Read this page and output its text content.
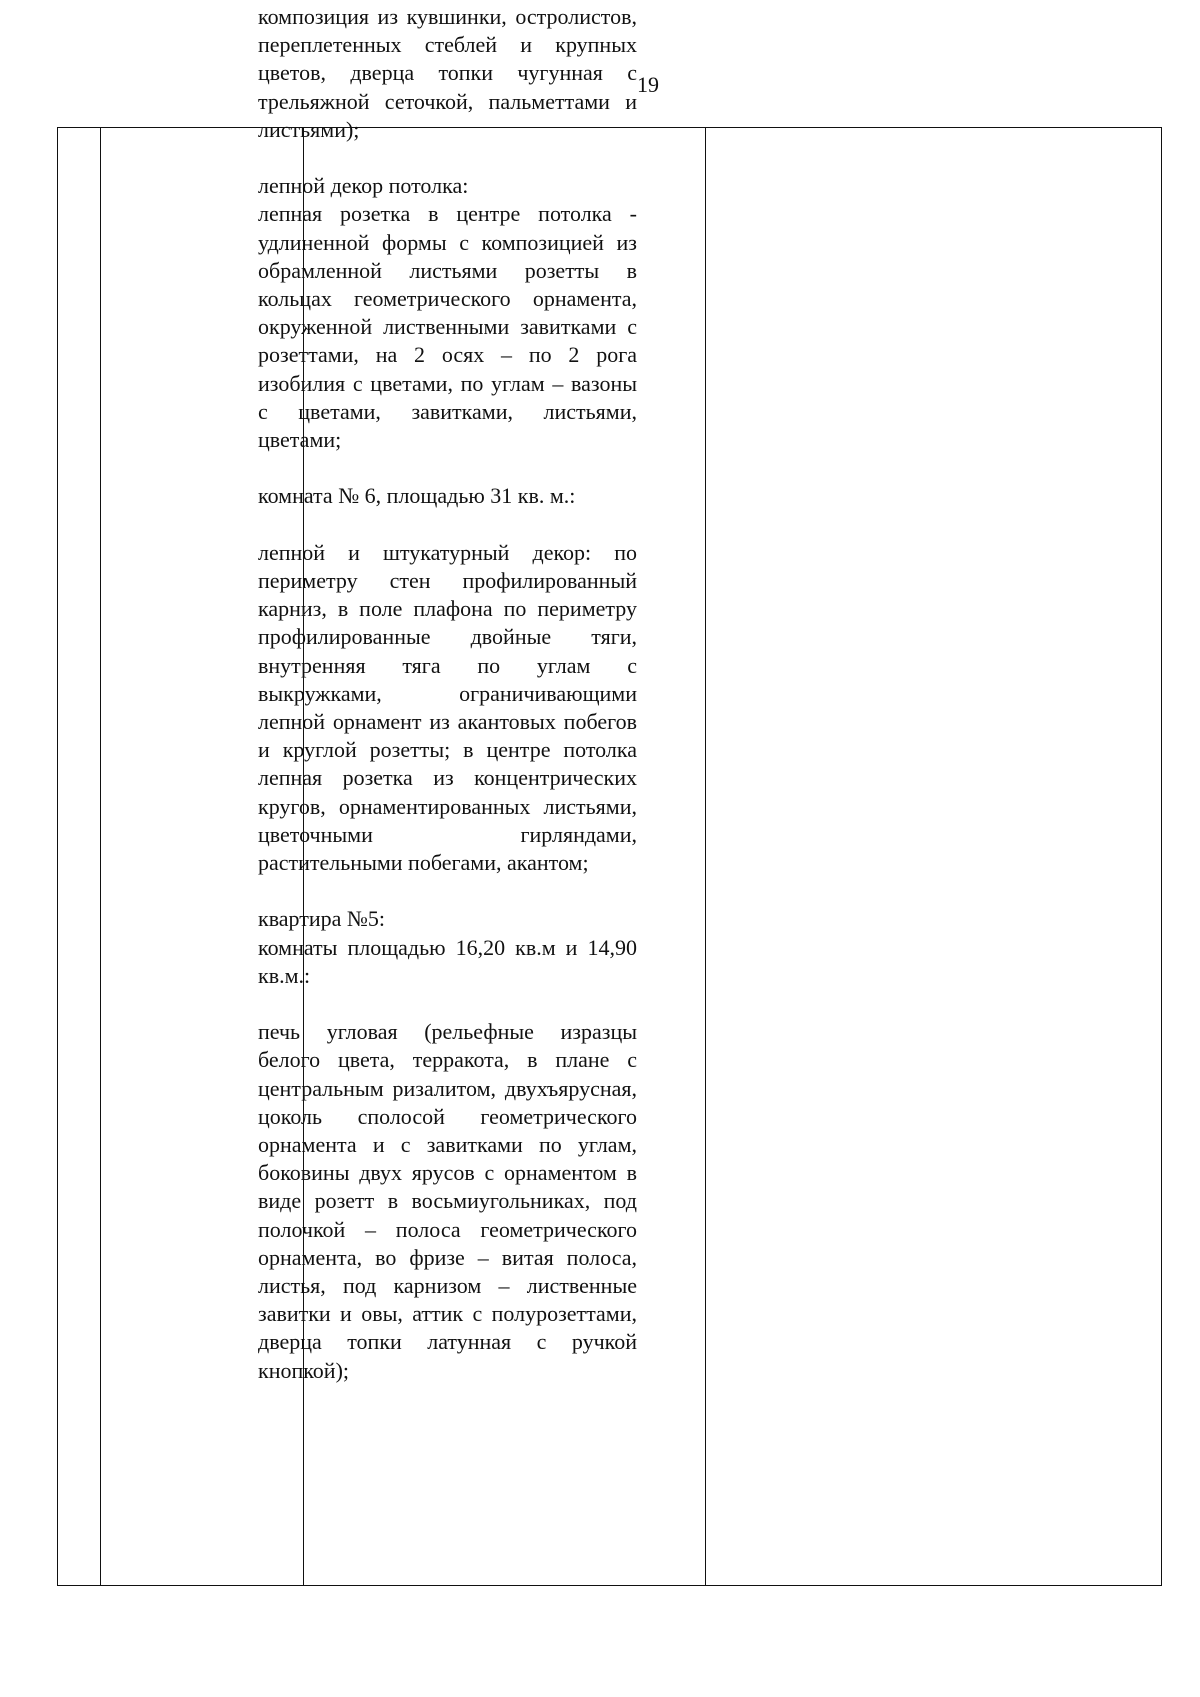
19

композиция из кувшинки, остролистов, переплетенных стеблей и крупных цветов, дверца топки чугунная с трельяжной сеточкой, пальметтами и листьями);

лепной декор потолка:

лепная розетка в центре потолка - удлиненной формы с композицией из обрамленной листьями розетты в кольцах геометрического орнамента, окруженной лиственными завитками с розеттами, на 2 осях – по 2 рога изобилия с цветами, по углам – вазоны с цветами, завитками, листьями, цветами;

комната № 6, площадью 31 кв. м.:

лепной и штукатурный декор: по периметру стен профилированный карниз, в поле плафона по периметру профилированные двойные тяги, внутренняя тяга по углам с выкружками, ограничивающими лепной орнамент из акантовых побегов и круглой розетты; в центре потолка лепная розетка из концентрических кругов, орнаментированных листьями, цветочными гирляндами, растительными побегами, акантом;

квартира №5:

комнаты площадью 16,20 кв.м и 14,90 кв.м.:

печь угловая (рельефные изразцы белого цвета, терракота, в плане с центральным ризалитом, двухъярусная, цоколь сполосой геометрического орнамента и с завитками по углам, боковины двух ярусов с орнаментом в виде розетт в восьмиугольниках, под полочкой – полоса геометрического орнамента, во фризе – витая полоса, листья, под карнизом – лиственные завитки и овы, аттик с полурозеттами, дверца топки латунная с ручкой кнопкой);
